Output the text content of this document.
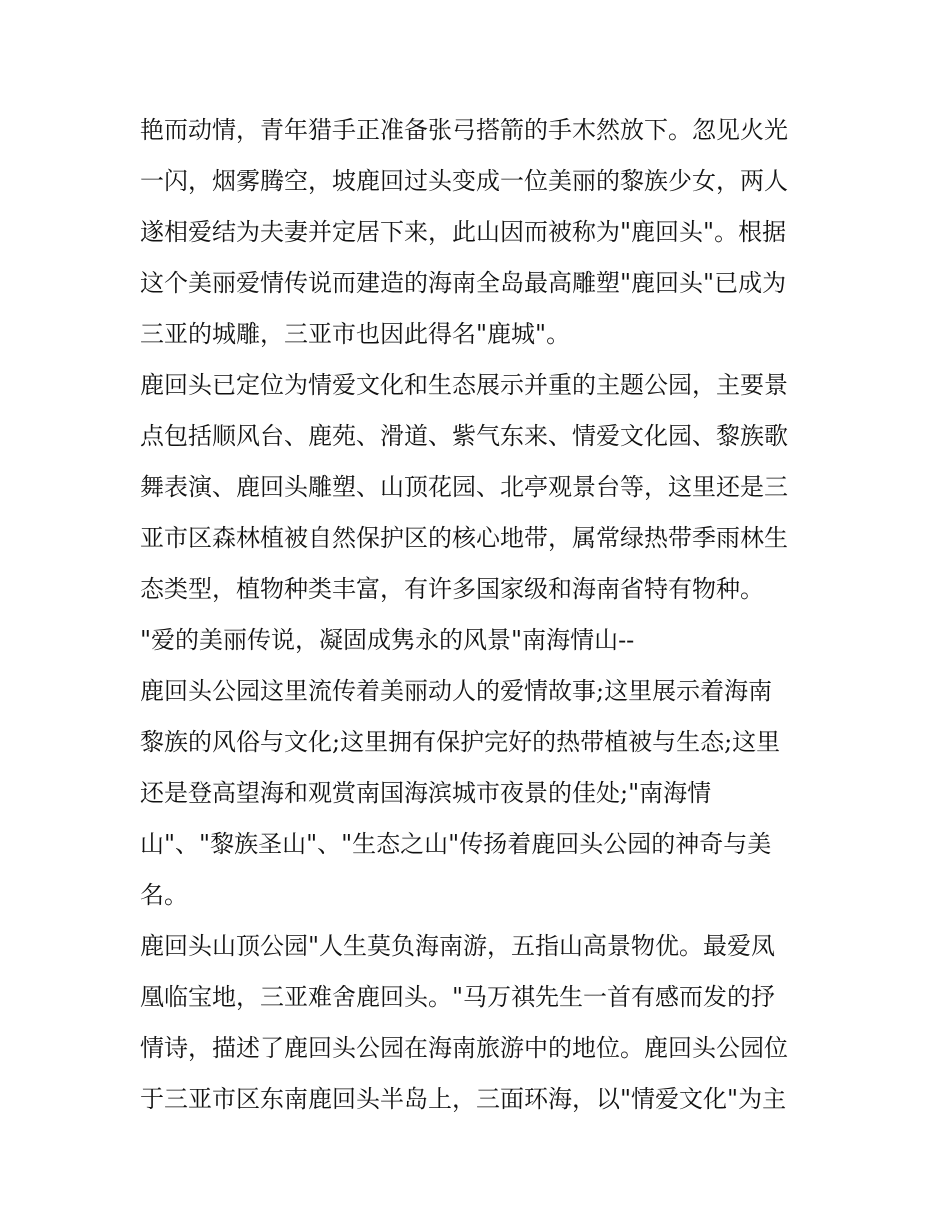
艳而动情，青年猎手正准备张弓搭箭的手木然放下。忽见火光
一闪，烟雾腾空，坡鹿回过头变成一位美丽的黎族少女，两人
遂相爱结为夫妻并定居下来，此山因而被称为"鹿回头"。根据
这个美丽爱情传说而建造的海南全岛最高雕塑"鹿回头"已成为
三亚的城雕，三亚市也因此得名"鹿城"。
鹿回头已定位为情爱文化和生态展示并重的主题公园，主要景
点包括顺风台、鹿苑、滑道、紫气东来、情爱文化园、黎族歌
舞表演、鹿回头雕塑、山顶花园、北亭观景台等，这里还是三
亚市区森林植被自然保护区的核心地带，属常绿热带季雨林生
态类型，植物种类丰富，有许多国家级和海南省特有物种。
"爱的美丽传说，凝固成隽永的风景"南海情山--
鹿回头公园这里流传着美丽动人的爱情故事;这里展示着海南
黎族的风俗与文化;这里拥有保护完好的热带植被与生态;这里
还是登高望海和观赏南国海滨城市夜景的佳处;"南海情
山"、"黎族圣山"、"生态之山"传扬着鹿回头公园的神奇与美
名。
鹿回头山顶公园"人生莫负海南游，五指山高景物优。最爱凤
凰临宝地，三亚难舍鹿回头。"马万祺先生一首有感而发的抒
情诗，描述了鹿回头公园在海南旅游中的地位。鹿回头公园位
于三亚市区东南鹿回头半岛上，三面环海，以"情爱文化"为主
